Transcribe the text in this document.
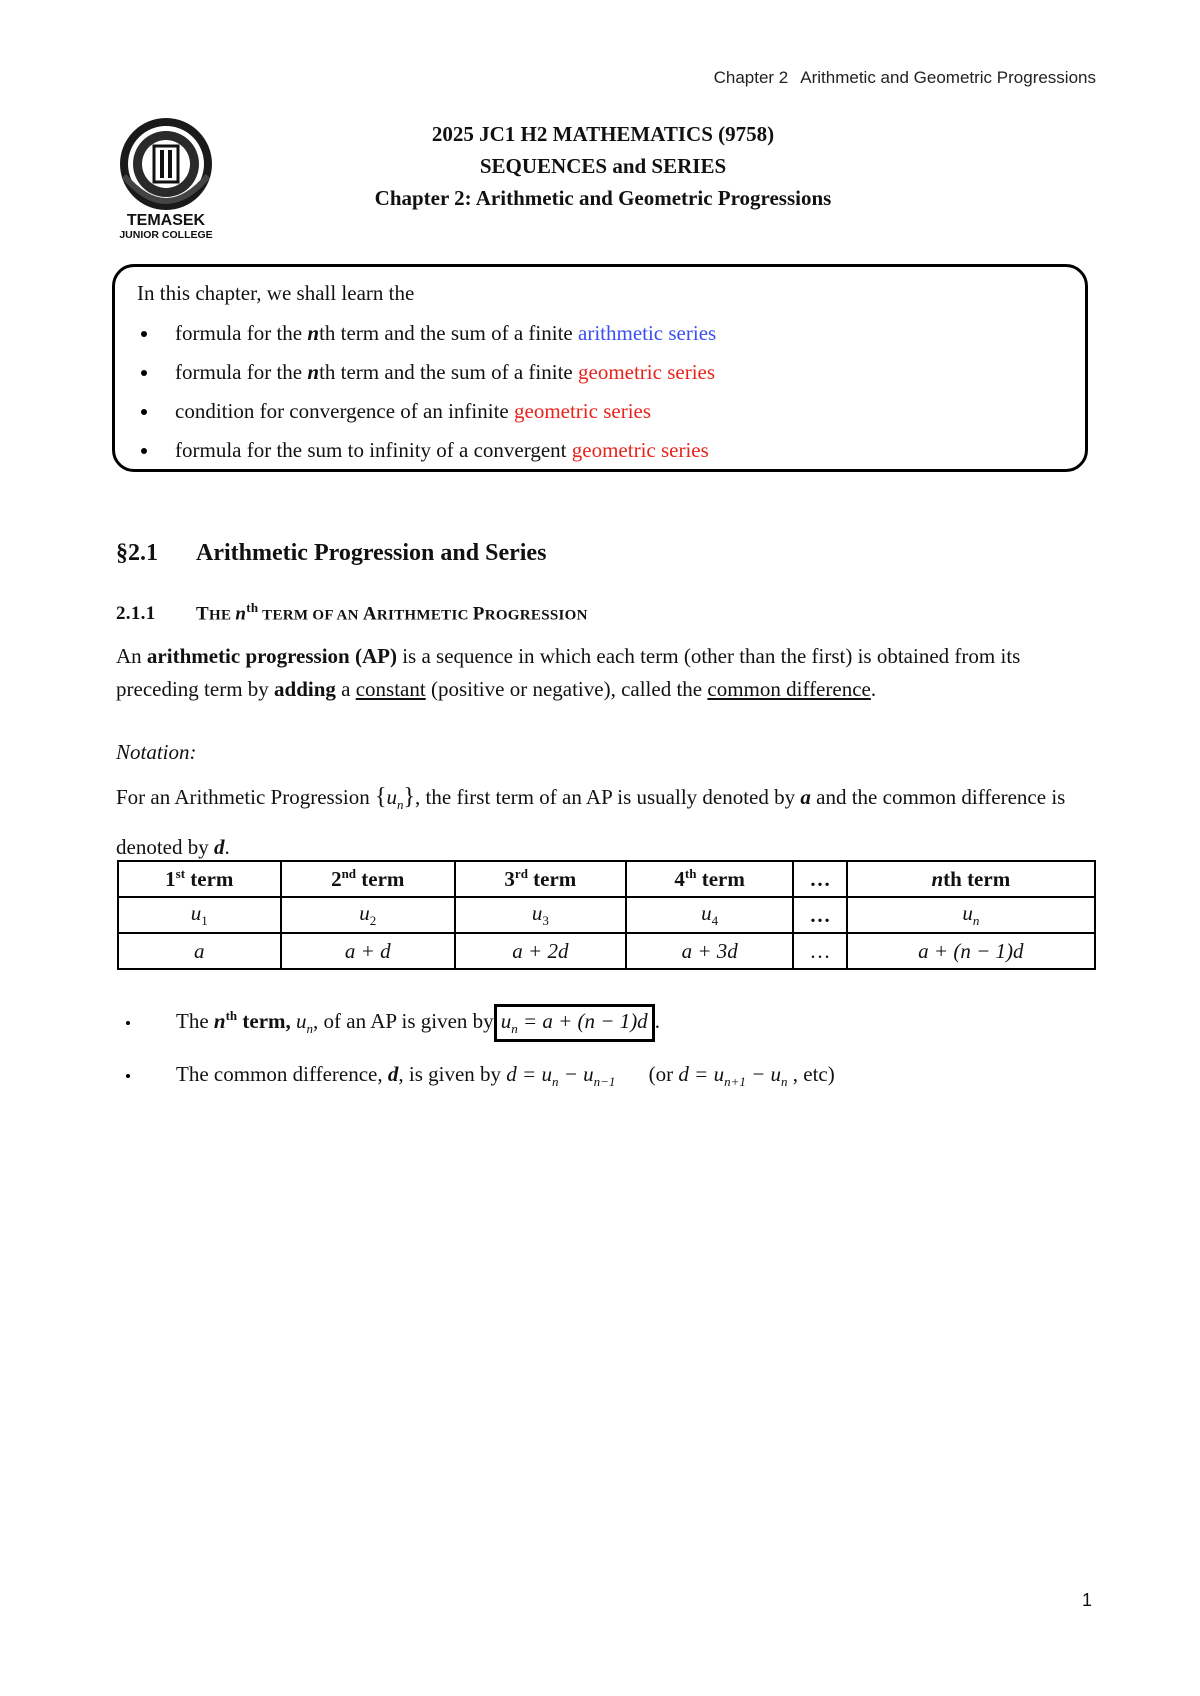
Chapter 2 Arithmetic and Geometric Progressions
TEMASEK
JUNIOR COLLEGE
2025 JC1 H2 MATHEMATICS (9758)
SEQUENCES and SERIES
Chapter 2: Arithmetic and Geometric Progressions
In this chapter, we shall learn the
formula for the nth term and the sum of a finite arithmetic series
formula for the nth term and the sum of a finite geometric series
condition for convergence of an infinite geometric series
formula for the sum to infinity of a convergent geometric series
§2.1 Arithmetic Progression and Series
2.1.1 THE $n^{th}$ TERM OF AN ARITHMETIC PROGRESSION
An arithmetic progression (AP) is a sequence in which each term (other than the first) is obtained from its preceding term by adding a constant (positive or negative), called the common difference.
Notation:
For an Arithmetic Progression $\{u_n\}$, the first term of an AP is usually denoted by a and the common difference is denoted by d.
1st term	2nd term	3rd term	4th term	…	nth term
$u_1$	$u_2$	$u_3$	$u_4$	…	$u_n$
a	a + d	a + 2d	a + 3d	…	a + (n − 1)d
The $n^{th}$ term, $u_n$, of an AP is given by $u_n = a + (n - 1)d$ .
The common difference, d, is given by $d = u_n - u_{n-1}$ (or $d = u_{n+1} - u_n$ , etc)
1
